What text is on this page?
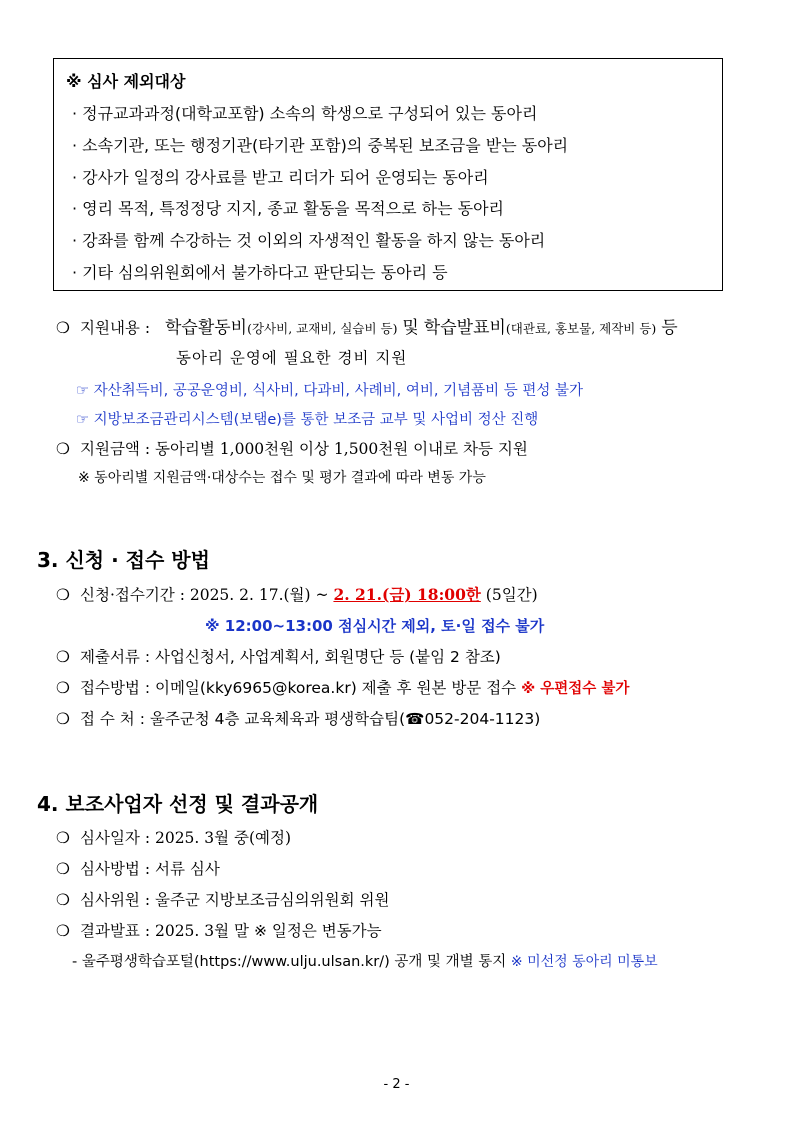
※ 심사 제외대상
· 정규교과과정(대학교포함) 소속의 학생으로 구성되어 있는 동아리
· 소속기관, 또는 행정기관(타기관 포함)의 중복된 보조금을 받는 동아리
· 강사가 일정의 강사료를 받고 리더가 되어 운영되는 동아리
· 영리 목적, 특정정당 지지, 종교 활동을 목적으로 하는 동아리
· 강좌를 함께 수강하는 것 이외의 자생적인 활동을 하지 않는 동아리
· 기타 심의위원회에서 불가하다고 판단되는 동아리 등
❍ 지원내용 : 학습활동비(강사비, 교재비, 실습비 등) 및 학습발표비(대관료, 홍보물, 제작비 등) 등
동아리 운영에 필요한 경비 지원
☞ 자산취득비, 공공운영비, 식사비, 다과비, 사례비, 여비, 기념품비 등 편성 불가
☞ 지방보조금관리시스템(보탬e)를 통한 보조금 교부 및 사업비 정산 진행
❍ 지원금액 : 동아리별 1,000천원 이상 1,500천원 이내로 차등 지원
※ 동아리별 지원금액·대상수는 접수 및 평가 결과에 따라 변동 가능
3. 신청 · 접수 방법
❍ 신청·접수기간 : 2025. 2. 17.(월) ~ 2. 21.(금) 18:00한 (5일간)
※ 12:00~13:00 점심시간 제외, 토·일 접수 불가
❍ 제출서류 : 사업신청서, 사업계획서, 회원명단 등 (붙임 2 참조)
❍ 접수방법 : 이메일(kky6965@korea.kr) 제출 후 원본 방문 접수 ※ 우편접수 불가
❍ 접 수 처 : 울주군청 4층 교육체육과 평생학습팀(☎052-204-1123)
4. 보조사업자 선정 및 결과공개
❍ 심사일자 : 2025. 3월 중(예정)
❍ 심사방법 : 서류 심사
❍ 심사위원 : 울주군 지방보조금심의위원회 위원
❍ 결과발표 : 2025. 3월 말 ※ 일정은 변동가능
- 울주평생학습포털(https://www.ulju.ulsan.kr/) 공개 및 개별 통지 ※ 미선정 동아리 미통보
- 2 -
